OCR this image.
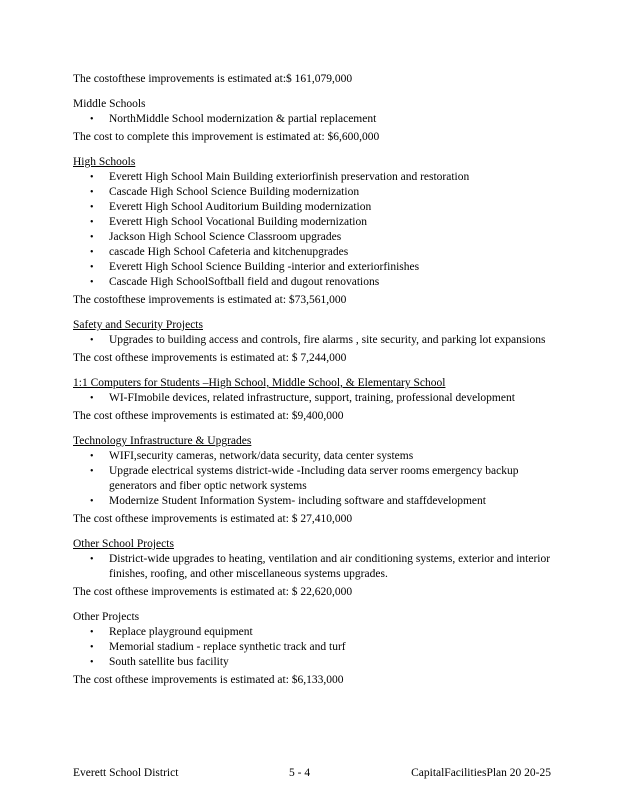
The costofthese improvements is estimated at:$ 161,079,000

Middle Schools

• NorthMiddle School modernization & partial replacement

The cost to complete this improvement is estimated at: $6,600,000

High Schools

• Everett High School Main Building exteriorfinish preservation and restoration
• Cascade High School Science Building modernization
• Everett High School Auditorium Building modernization
• Everett High School Vocational Building modernization
• Jackson High School Science Classroom upgrades
• cascade High School Cafeteria and kitchenupgrades
• Everett High School Science Building -interior and exteriorfinishes
• Cascade High SchoolSoftball field and dugout renovations

The costofthese improvements is estimated at: $73,561,000

Safety and Security Projects

• Upgrades to building access and controls, fire alarms , site security, and parking lot expansions

The cost ofthese improvements is estimated at: $ 7,244,000

1:1 Computers for Students –High School, Middle School, & Elementary School

• WI-FImobile devices, related infrastructure, support, training, professional development

The cost ofthese improvements is estimated at: $9,400,000

Technology Infrastructure & Upgrades

• WIFI,security cameras, network/data security, data center systems
• Upgrade electrical systems district-wide -Including data server rooms emergency backup generators and fiber optic network systems
• Modernize Student Information System- including software and staffdevelopment

The cost ofthese improvements is estimated at: $ 27,410,000

Other School Projects

• District-wide upgrades to heating, ventilation and air conditioning systems, exterior and interior finishes, roofing, and other miscellaneous systems upgrades.

The cost ofthese improvements is estimated at: $ 22,620,000

Other Projects

• Replace playground equipment
• Memorial stadium - replace synthetic track and turf
• South satellite bus facility

The cost ofthese improvements is estimated at: $6,133,000

Everett School District	5 - 4	CapitalFacilitiesPlan 20 20-25
